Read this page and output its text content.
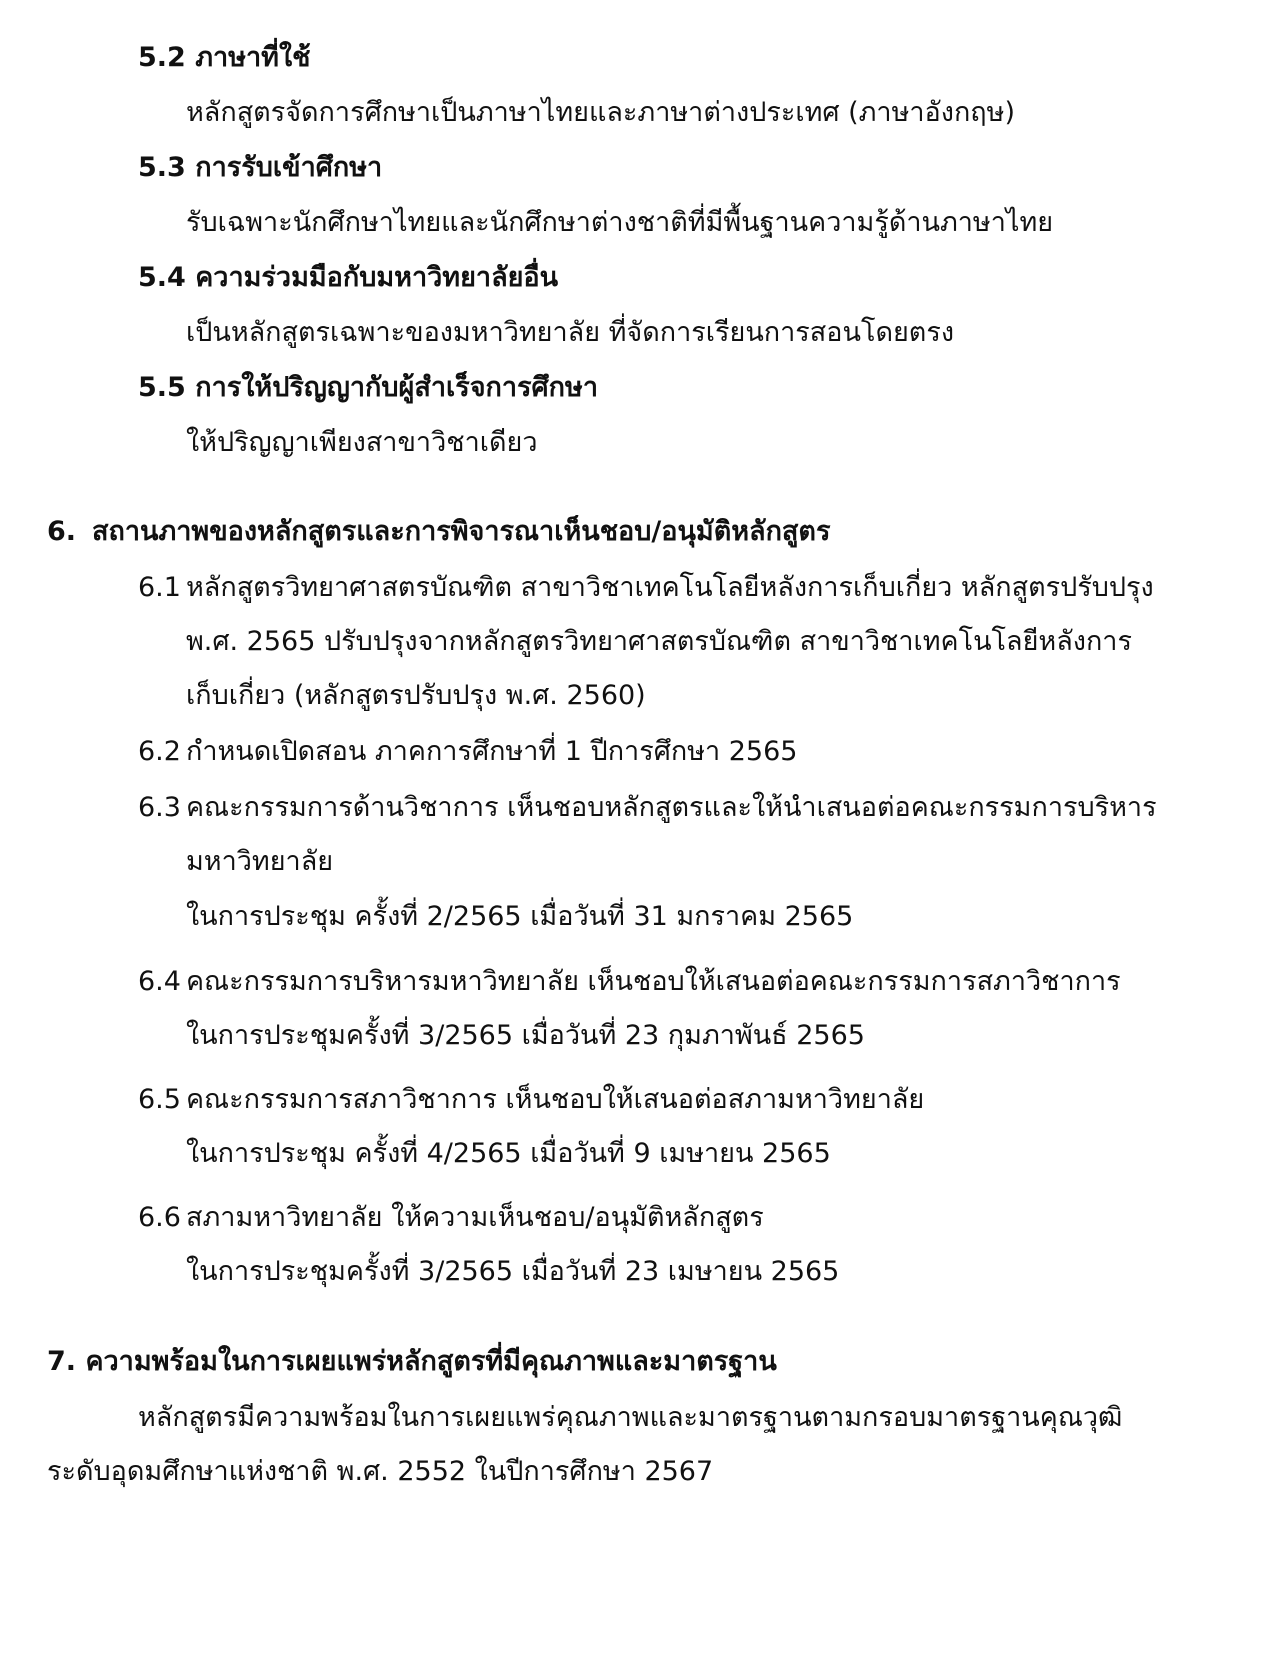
5.2 ภาษาที่ใช้
หลักสูตรจัดการศึกษาเป็นภาษาไทยและภาษาต่างประเทศ (ภาษาอังกฤษ)
5.3 การรับเข้าศึกษา
รับเฉพาะนักศึกษาไทยและนักศึกษาต่างชาติที่มีพื้นฐานความรู้ด้านภาษาไทย
5.4 ความร่วมมือกับมหาวิทยาลัยอื่น
เป็นหลักสูตรเฉพาะของมหาวิทยาลัย ที่จัดการเรียนการสอนโดยตรง
5.5 การให้ปริญญากับผู้สำเร็จการศึกษา
ให้ปริญญาเพียงสาขาวิชาเดียว
6. สถานภาพของหลักสูตรและการพิจารณาเห็นชอบ/อนุมัติหลักสูตร
6.1 หลักสูตรวิทยาศาสตรบัณฑิต สาขาวิชาเทคโนโลยีหลังการเก็บเกี่ยว หลักสูตรปรับปรุง
พ.ศ. 2565 ปรับปรุงจากหลักสูตรวิทยาศาสตรบัณฑิต สาขาวิชาเทคโนโลยีหลังการ
เก็บเกี่ยว (หลักสูตรปรับปรุง พ.ศ. 2560)
6.2 กำหนดเปิดสอน ภาคการศึกษาที่ 1 ปีการศึกษา 2565
6.3 คณะกรรมการด้านวิชาการ เห็นชอบหลักสูตรและให้นำเสนอต่อคณะกรรมการบริหาร
มหาวิทยาลัย
ในการประชุม ครั้งที่ 2/2565 เมื่อวันที่ 31 มกราคม 2565
6.4 คณะกรรมการบริหารมหาวิทยาลัย เห็นชอบให้เสนอต่อคณะกรรมการสภาวิชาการ
ในการประชุมครั้งที่ 3/2565 เมื่อวันที่ 23 กุมภาพันธ์ 2565
6.5 คณะกรรมการสภาวิชาการ เห็นชอบให้เสนอต่อสภามหาวิทยาลัย
ในการประชุม ครั้งที่ 4/2565 เมื่อวันที่ 9 เมษายน 2565
6.6 สภามหาวิทยาลัย ให้ความเห็นชอบ/อนุมัติหลักสูตร
ในการประชุมครั้งที่ 3/2565 เมื่อวันที่ 23 เมษายน 2565
7. ความพร้อมในการเผยแพร่หลักสูตรที่มีคุณภาพและมาตรฐาน
หลักสูตรมีความพร้อมในการเผยแพร่คุณภาพและมาตรฐานตามกรอบมาตรฐานคุณวุฒิ
ระดับอุดมศึกษาแห่งชาติ พ.ศ. 2552 ในปีการศึกษา 2567
